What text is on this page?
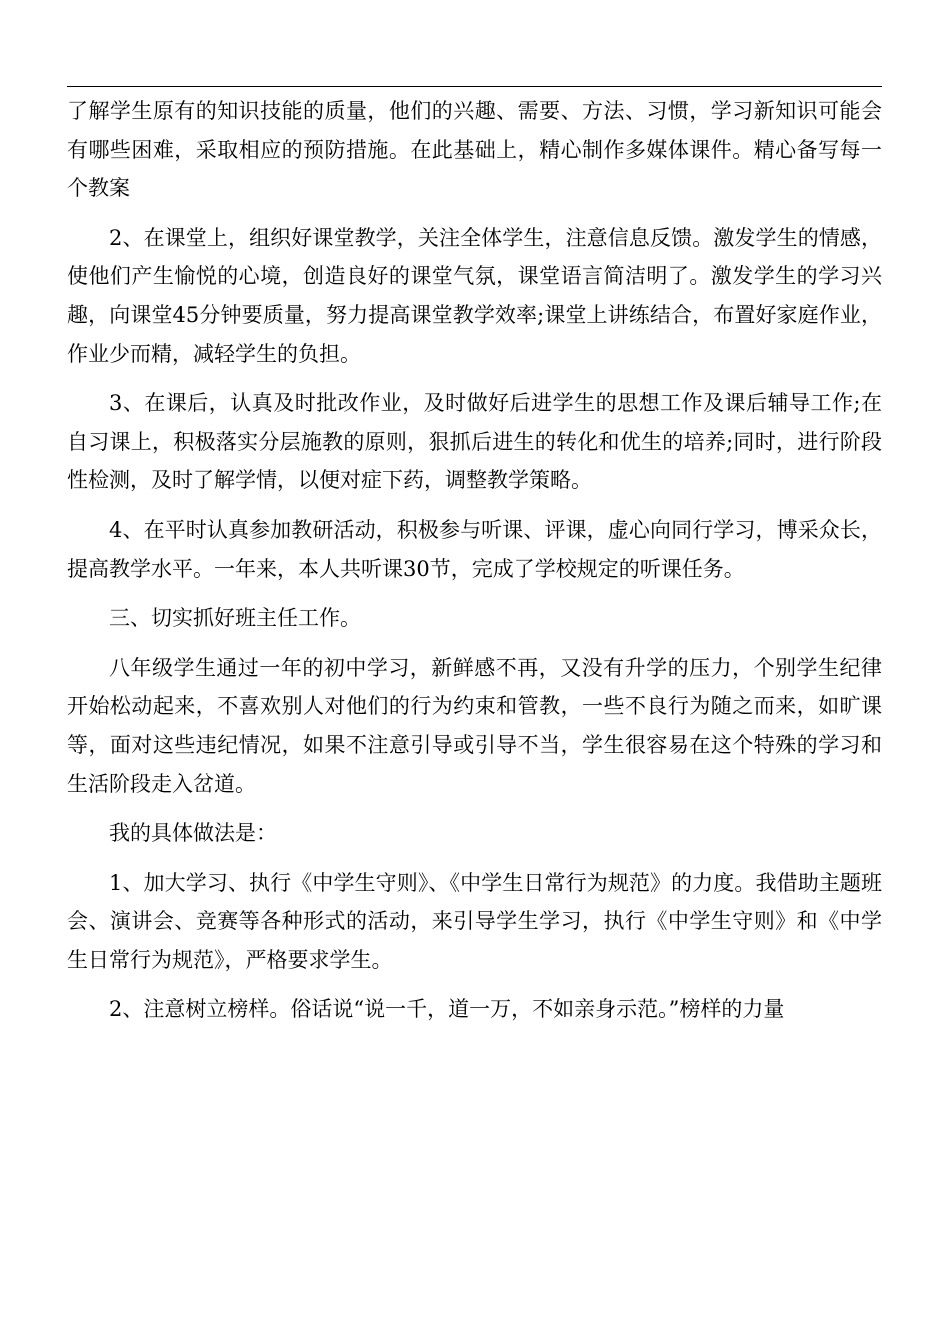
了解学生原有的知识技能的质量，他们的兴趣、需要、方法、习惯，学习新知识可能会有哪些困难，采取相应的预防措施。在此基础上，精心制作多媒体课件。精心备写每一个教案

2、在课堂上，组织好课堂教学，关注全体学生，注意信息反馈。激发学生的情感，使他们产生愉悦的心境，创造良好的课堂气氛，课堂语言简洁明了。激发学生的学习兴趣，向课堂45分钟要质量，努力提高课堂教学效率;课堂上讲练结合，布置好家庭作业，作业少而精，减轻学生的负担。

3、在课后，认真及时批改作业，及时做好后进学生的思想工作及课后辅导工作;在自习课上，积极落实分层施教的原则，狠抓后进生的转化和优生的培养;同时，进行阶段性检测，及时了解学情，以便对症下药，调整教学策略。

4、在平时认真参加教研活动，积极参与听课、评课，虚心向同行学习，博采众长，提高教学水平。一年来，本人共听课30节，完成了学校规定的听课任务。

三、切实抓好班主任工作。

八年级学生通过一年的初中学习，新鲜感不再，又没有升学的压力，个别学生纪律开始松动起来，不喜欢别人对他们的行为约束和管教，一些不良行为随之而来，如旷课等，面对这些违纪情况，如果不注意引导或引导不当，学生很容易在这个特殊的学习和生活阶段走入岔道。

我的具体做法是：

1、加大学习、执行《中学生守则》、《中学生日常行为规范》的力度。我借助主题班会、演讲会、竞赛等各种形式的活动，来引导学生学习，执行《中学生守则》和《中学生日常行为规范》，严格要求学生。

2、注意树立榜样。俗话说“说一千，道一万，不如亲身示范。”榜样的力量
